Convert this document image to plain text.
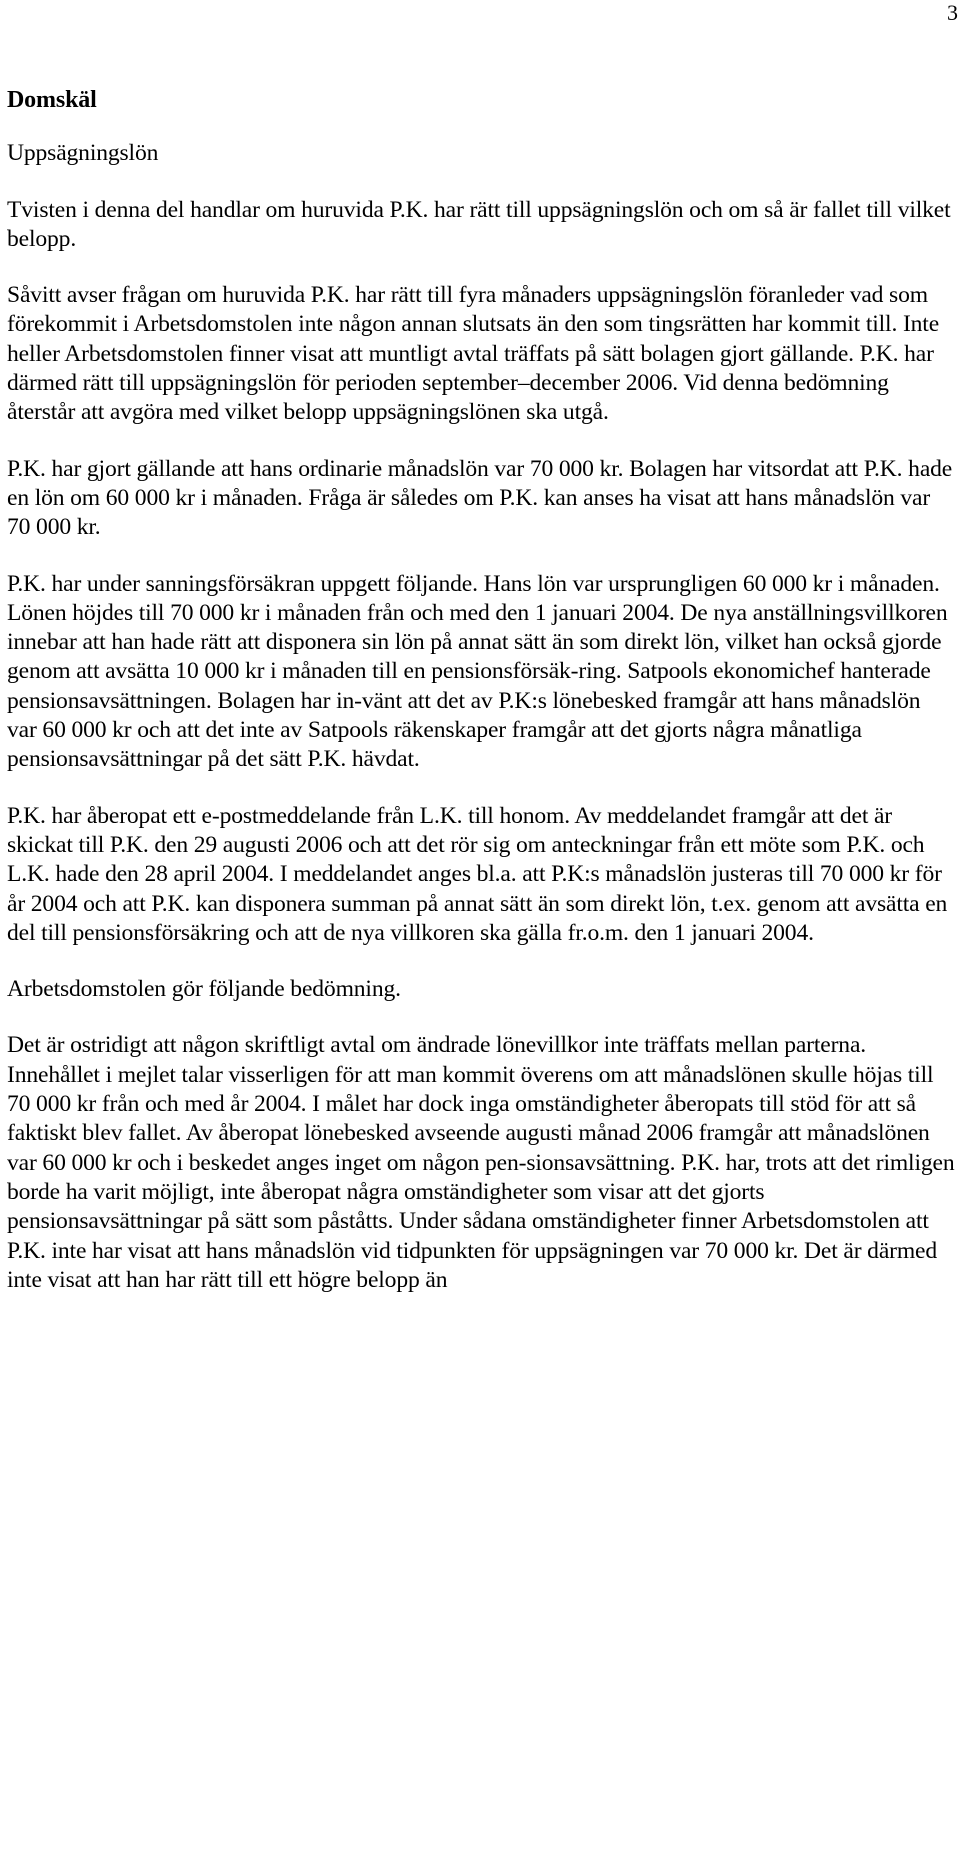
3
Domskäl
Uppsägningslön
Tvisten i denna del handlar om huruvida P.K. har rätt till uppsägningslön och om så är fallet till vilket belopp.
Såvitt avser frågan om huruvida P.K. har rätt till fyra månaders uppsägningslön föranleder vad som förekommit i Arbetsdomstolen inte någon annan slutsats än den som tingsrätten har kommit till. Inte heller Arbetsdomstolen finner visat att muntligt avtal träffats på sätt bolagen gjort gällande. P.K. har därmed rätt till uppsägningslön för perioden september–december 2006. Vid denna bedömning återstår att avgöra med vilket belopp uppsägningslönen ska utgå.
P.K. har gjort gällande att hans ordinarie månadslön var 70 000 kr. Bolagen har vitsordat att P.K. hade en lön om 60 000 kr i månaden. Fråga är således om P.K. kan anses ha visat att hans månadslön var 70 000 kr.
P.K. har under sanningsförsäkran uppgett följande. Hans lön var ursprungligen 60 000 kr i månaden. Lönen höjdes till 70 000 kr i månaden från och med den 1 januari 2004. De nya anställningsvillkoren innebar att han hade rätt att disponera sin lön på annat sätt än som direkt lön, vilket han också gjorde genom att avsätta 10 000 kr i månaden till en pensionsförsäk-ring. Satpools ekonomichef hanterade pensionsavsättningen. Bolagen har in-vänt att det av P.K:s lönebesked framgår att hans månadslön var 60 000 kr och att det inte av Satpools räkenskaper framgår att det gjorts några månatliga pensionsavsättningar på det sätt P.K. hävdat.
P.K. har åberopat ett e-postmeddelande från L.K. till honom. Av meddelandet framgår att det är skickat till P.K. den 29 augusti 2006 och att det rör sig om anteckningar från ett möte som P.K. och L.K. hade den 28 april 2004. I meddelandet anges bl.a. att P.K:s månadslön justeras till 70 000 kr för år 2004 och att P.K. kan disponera summan på annat sätt än som direkt lön, t.ex. genom att avsätta en del till pensionsförsäkring och att de nya villkoren ska gälla fr.o.m. den 1 januari 2004.
Arbetsdomstolen gör följande bedömning.
Det är ostridigt att någon skriftligt avtal om ändrade lönevillkor inte träffats mellan parterna. Innehållet i mejlet talar visserligen för att man kommit överens om att månadslönen skulle höjas till 70 000 kr från och med år 2004. I målet har dock inga omständigheter åberopats till stöd för att så faktiskt blev fallet. Av åberopat lönebesked avseende augusti månad 2006 framgår att månadslönen var 60 000 kr och i beskedet anges inget om någon pen-sionsavsättning. P.K. har, trots att det rimligen borde ha varit möjligt, inte åberopat några omständigheter som visar att det gjorts pensionsavsättningar på sätt som påståtts. Under sådana omständigheter finner Arbetsdomstolen att P.K. inte har visat att hans månadslön vid tidpunkten för uppsägningen var 70 000 kr. Det är därmed inte visat att han har rätt till ett högre belopp än
